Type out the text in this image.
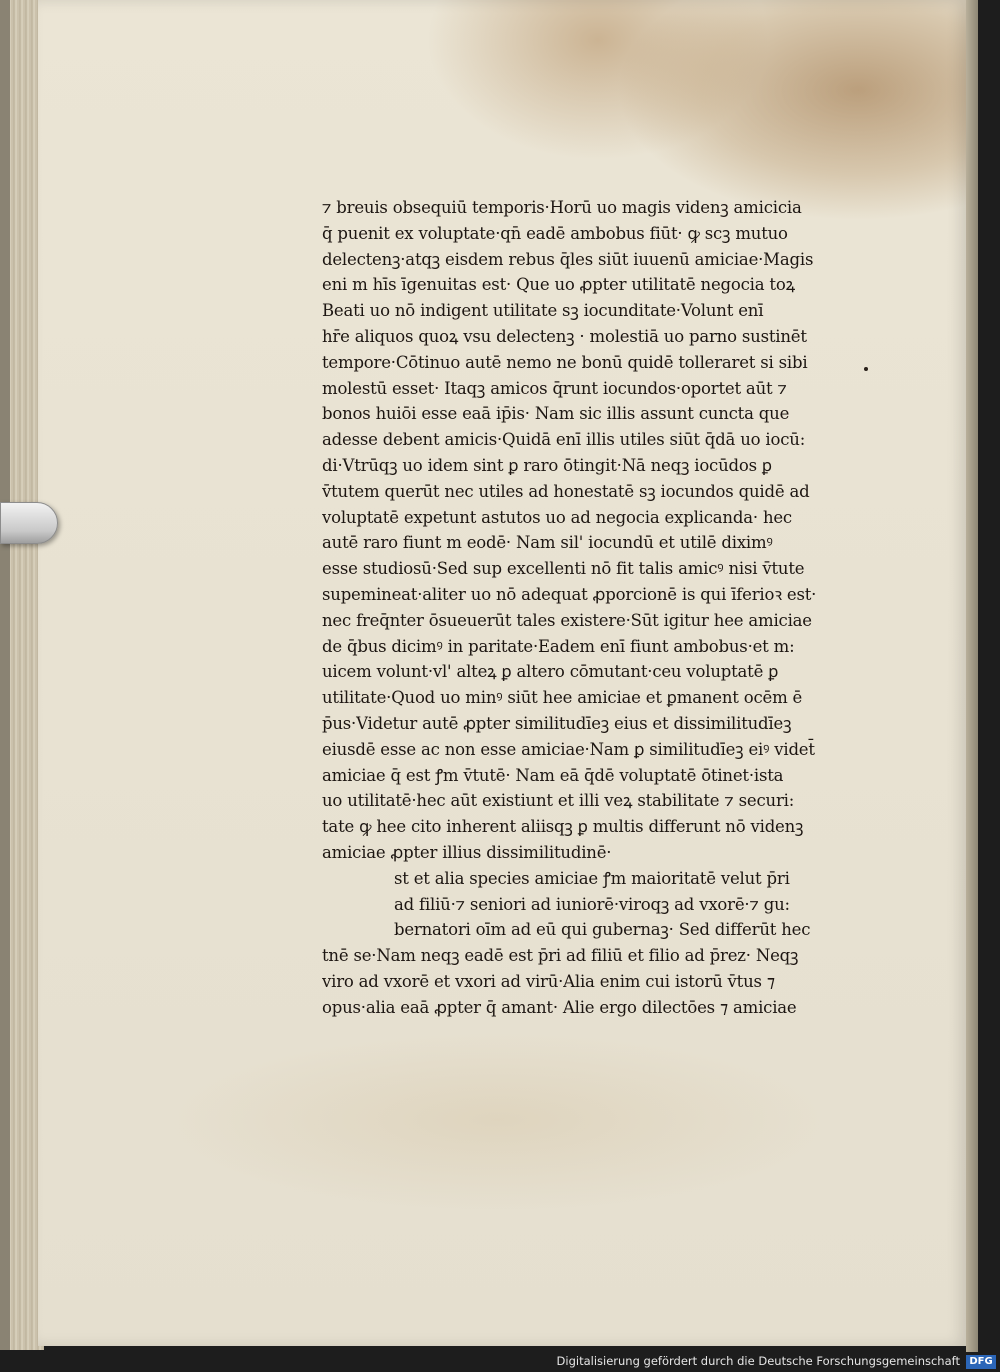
⁊ breuis obsequiū temporis·Horū uo magis videnꝫ amicicia
q̄ puenit ex voluptate·qn̄ eadē ambobus fiūt· ꝙ scꝫ mutuo
delectenꝫ·atqꝫ eisdem rebus q̄les siūt iuuenū amiciae·Magis
eni m hīs īgenuitas est· Que uo ꝓpter utilitatē negocia toꝝ
Beati uo nō indigent utilitate sꝫ iocunditate·Volunt enī
hr̄e aliquos quoꝝ vsu delectenꝫ · molestiā uo parno sustinēt
tempore·Cōtinuo autē nemo ne bonū quidē tolleraret si sibi
molestū esset· Itaqꝫ amicos q̄runt iocundos·oportet aūt ⁊
bonos huiōi esse eaā ip̄is· Nam sic illis assunt cuncta que
adesse debent amicis·Quidā enī illis utiles siūt q̄dā uo iocū:
di·Vtrūqꝫ uo idem sint ꝑ raro ōtingit·Nā neqꝫ iocūdos ꝑ
v̄tutem querūt nec utiles ad honestatē sꝫ iocundos quidē ad
voluptatē expetunt astutos uo ad negocia explicanda· hec
autē raro fiunt m eodē· Nam sil' iocundū et utilē diximꝰ
esse studiosū·Sed sup excellenti nō fit talis amicꝰ nisi v̄tute
supemineat·aliter uo nō adequat ꝓporcionē is qui īferioꝛ est·
nec freq̄nter ōsueuerūt tales existere·Sūt igitur hee amiciae
de q̄bus dicimꝰ in paritate·Eadem enī fiunt ambobus·et m:
uicem volunt·vl' alteꝝ ꝑ altero cōmutant·ceu voluptatē ꝑ
utilitate·Quod uo minꝰ siūt hee amiciae et ꝑmanent ocēm ē
p̄us·Videtur autē ꝓpter similitudīeꝫ eius et dissimilitudīeꝫ
eiusdē esse ac non esse amiciae·Nam ꝑ similitudīeꝫ eiꝰ videt̄
amiciae q̄ est ꝭm v̄tutē· Nam eā q̄dē voluptatē ōtinet·ista
uo utilitatē·hec aūt existiunt et illi veꝝ stabilitate ⁊ securi:
tate ꝙ hee cito inherent aliisqꝫ ꝑ multis differunt nō videnꝫ
amiciae ꝓpter illius dissimilitudinē·
st et alia species amiciae ꝭm maioritatē velut p̄ri
ad filiū·⁊ seniori ad iuniorē·viroqꝫ ad vxorē·⁊ gu:
bernatori oīm ad eū qui gubernaꝫ· Sed differūt hec
tnē se·Nam neqꝫ eadē est p̄ri ad filiū et filio ad p̄rez· Neqꝫ
viro ad vxorē et vxori ad virū·Alia enim cui istorū v̄tus ⁊
opus·alia eaā ꝓpter q̄ amant· Alie ergo dilectōes ⁊ amiciae
Digitalisierung gefördert durch die Deutsche Forschungsgemeinschaft DFG
